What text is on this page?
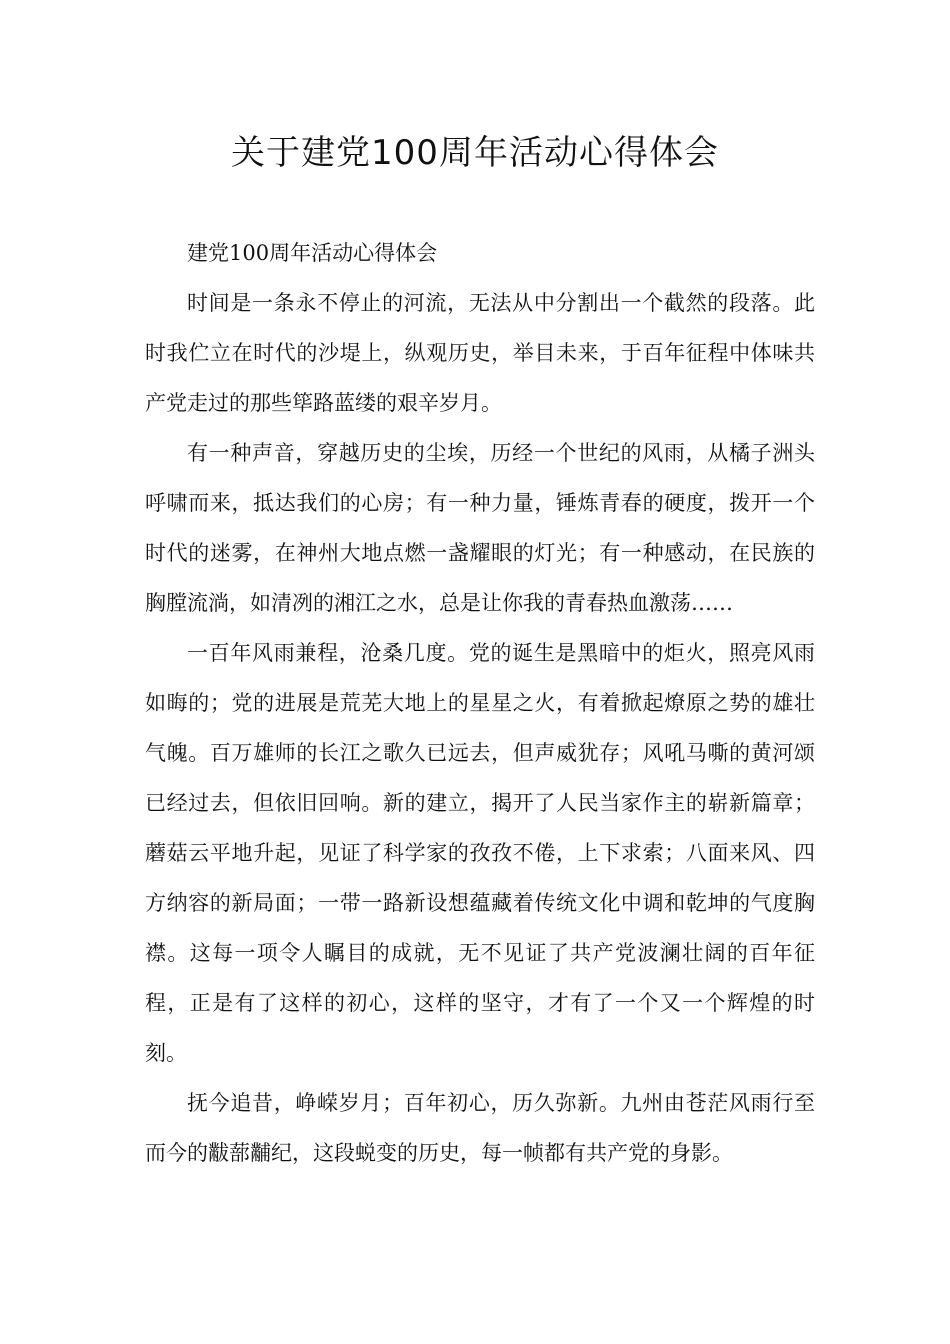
关于建党100周年活动心得体会

建党100周年活动心得体会

时间是一条永不停止的河流，无法从中分割出一个截然的段落。此时我伫立在时代的沙堤上，纵观历史，举目未来，于百年征程中体味共产党走过的那些筚路蓝缕的艰辛岁月。

有一种声音，穿越历史的尘埃，历经一个世纪的风雨，从橘子洲头呼啸而来，抵达我们的心房；有一种力量，锤炼青春的硬度，拨开一个时代的迷雾，在神州大地点燃一盏耀眼的灯光；有一种感动，在民族的胸膛流淌，如清冽的湘江之水，总是让你我的青春热血激荡……

一百年风雨兼程，沧桑几度。党的诞生是黑暗中的炬火，照亮风雨如晦的；党的进展是荒芜大地上的星星之火，有着掀起燎原之势的雄壮气魄。百万雄师的长江之歌久已远去，但声威犹存；风吼马嘶的黄河颂已经过去，但依旧回响。新的建立，揭开了人民当家作主的崭新篇章；蘑菇云平地升起，见证了科学家的孜孜不倦，上下求索；八面来风、四方纳容的新局面；一带一路新设想蕴藏着传统文化中调和乾坤的气度胸襟。这每一项令人瞩目的成就，无不见证了共产党波澜壮阔的百年征程，正是有了这样的初心，这样的坚守，才有了一个又一个辉煌的时刻。

抚今追昔，峥嵘岁月；百年初心，历久弥新。九州由苍茫风雨行至而今的黻蔀黼纪，这段蜕变的历史，每一帧都有共产党的身影。
